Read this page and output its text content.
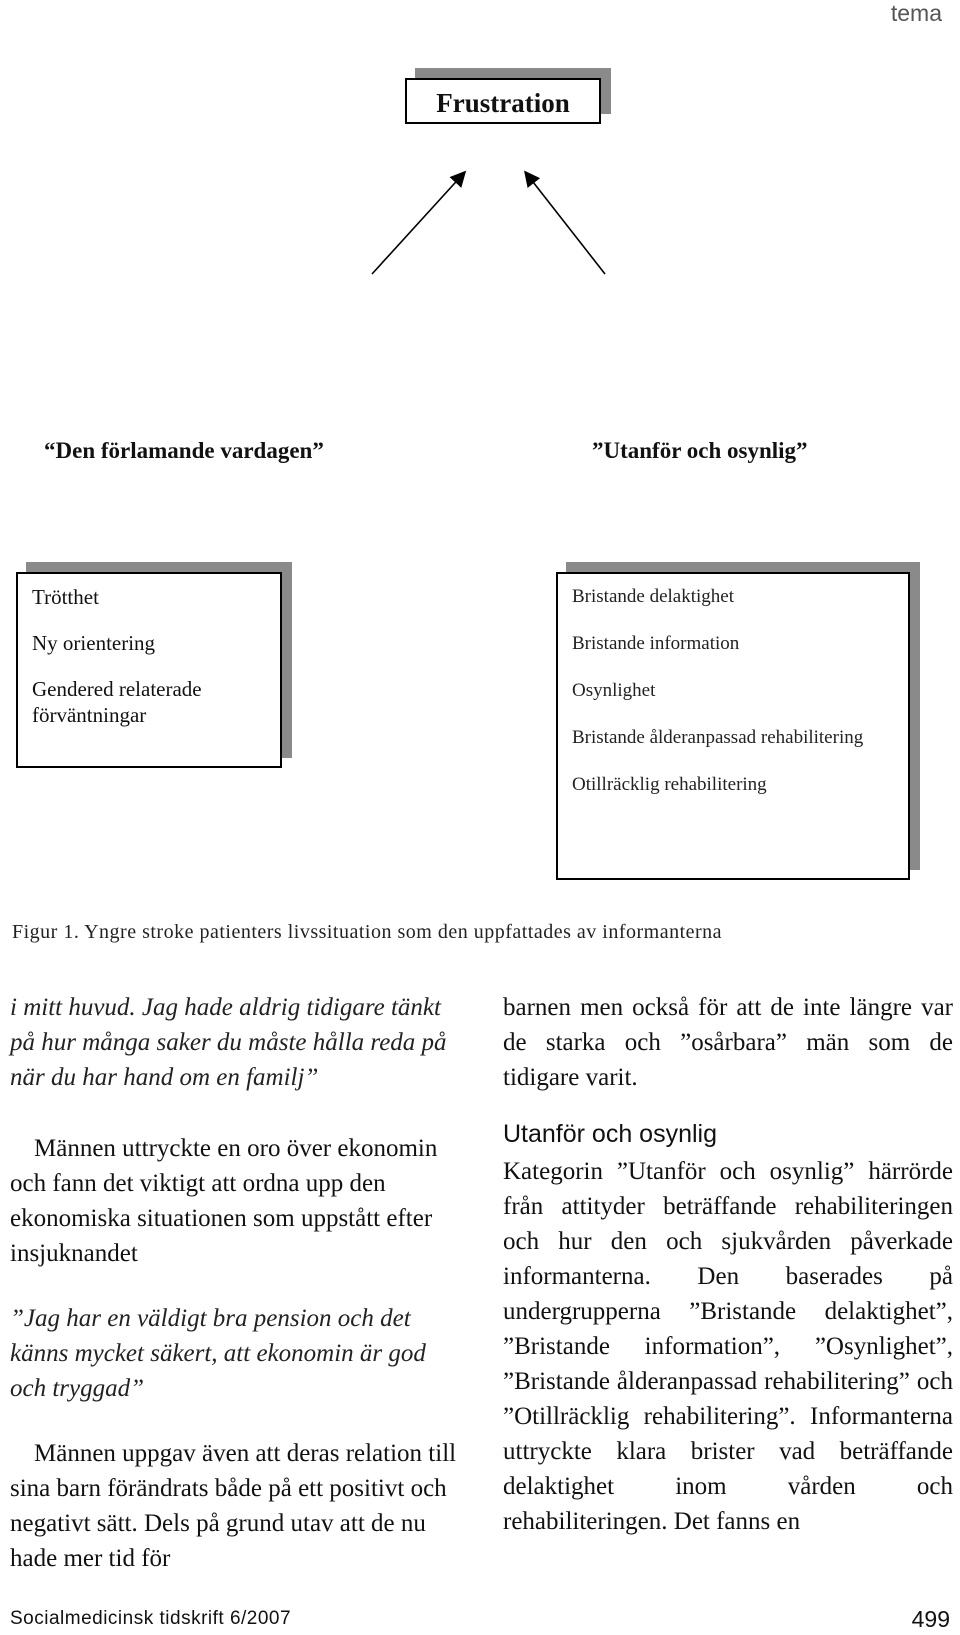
tema
Frustration
“Den förlamande vardagen”	”Utanför och osynlig”
Trötthet
Ny orientering
Gendered relaterade förväntningar
Bristande delaktighet
Bristande information
Osynlighet
Bristande ålderanpassad rehabilitering
Otillräcklig rehabilitering
Figur 1. Yngre stroke patienters livssituation som den uppfattades av informanterna

i mitt huvud. Jag hade aldrig tidigare tänkt på hur många saker du måste hålla reda på när du har hand om en familj”

Männen uttryckte en oro över ekonomin och fann det viktigt att ordna upp den ekonomiska situationen som uppstått efter insjuknandet

”Jag har en väldigt bra pension och det känns mycket säkert, att ekonomin är god och tryggad”

Männen uppgav även att deras relation till sina barn förändrats både på ett positivt och negativt sätt. Dels på grund utav att de nu hade mer tid för

barnen men också för att de inte längre var de starka och ”osårbara” män som de tidigare varit.

Utanför och osynlig

Kategorin ”Utanför och osynlig” härrörde från attityder beträffande rehabiliteringen och hur den och sjukvården påverkade informanterna. Den baserades på undergrupperna ”Bristande delaktighet”, ”Bristande information”, ”Osynlighet”, ”Bristande ålderanpassad rehabilitering” och ”Otillräcklig rehabilitering”. Informanterna uttryckte klara brister vad beträffande delaktighet inom vården och rehabiliteringen. Det fanns en

Socialmedicinsk tidskrift 6/2007	499
